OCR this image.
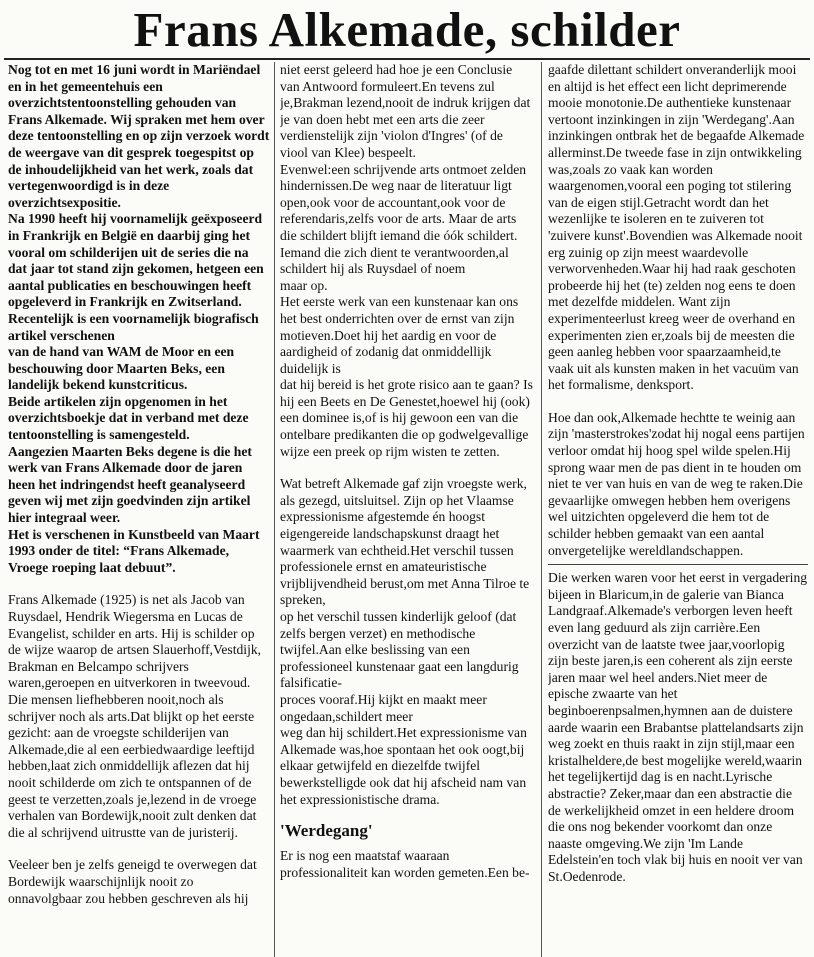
Frans Alkemade, schilder

Nog tot en met 16 juni wordt in Mariëndael en in het gemeentehuis een overzichtstentoonstelling gehouden van Frans Alkemade. Wij spraken met hem over deze tentoonstelling en op zijn verzoek wordt de weergave van dit gesprek toegespitst op de inhoudelijkheid van het werk, zoals dat vertegenwoordigd is in deze overzichtsexpositie.

Na 1990 heeft hij voornamelijk geëxposeerd in Frankrijk en België en daarbij ging het vooral om schilderijen uit de series die na dat jaar tot stand zijn gekomen, hetgeen een aantal publicaties en beschouwingen heeft opgeleverd in Frankrijk en Zwitserland.

Recentelijk is een voornamelijk biografisch artikel verschenen

van de hand van WAM de Moor en een beschouwing door Maarten Beks, een landelijk bekend kunstcriticus.

Beide artikelen zijn opgenomen in het overzichtsboekje dat in verband met deze tentoonstelling is samengesteld.

Aangezien Maarten Beks degene is die het werk van Frans Alkemade door de jaren heen het indringendst heeft geanalyseerd geven wij met zijn goedvinden zijn artikel hier integraal weer.

Het is verschenen in Kunstbeeld van Maart 1993 onder de titel: “Frans Alkemade, Vroege roeping laat debuut”.

Frans Alkemade (1925) is net als Jacob van Ruysdael, Hendrik Wiegersma en Lucas de Evangelist, schilder en arts. Hij is schilder op de wijze waarop de artsen Slauerhoff,Vestdijk, Brakman en Belcampo schrijvers waren,geroepen en uitverkoren in tweevoud. Die mensen liefhebberen nooit,noch als schrijver noch als arts.Dat blijkt op het eerste gezicht: aan de vroegste schilderijen van Alkemade,die al een eerbiedwaardige leeftijd hebben,laat zich onmiddellijk aflezen dat hij nooit schilderde om zich te ontspannen of de geest te verzetten,zoals je,lezend in de vroege verhalen van Bordewijk,nooit zult denken dat die al schrijvend uitrustte van de juristerij.

Veeleer ben je zelfs geneigd te overwegen dat Bordewijk waarschijnlijk nooit zo onnavolgbaar zou hebben geschreven als hij

niet eerst geleerd had hoe je een Conclusie van Antwoord formuleert.En tevens zul je,Brakman lezend,nooit de indruk krijgen dat je van doen hebt met een arts die zeer verdienstelijk zijn 'violon d'Ingres' (of de viool van Klee) bespeelt.

Evenwel:een schrijvende arts ontmoet zelden hindernissen.De weg naar de literatuur ligt open,ook voor de accountant,ook voor de referendaris,zelfs voor de arts. Maar de arts die schildert blijft iemand die óók schildert. Iemand die zich dient te verantwoorden,al schildert hij als Ruysdael of noem

maar op.

Het eerste werk van een kunstenaar kan ons het best onderrichten over de ernst van zijn motieven.Doet hij het aardig en voor de aardigheid of zodanig dat onmiddellijk duidelijk is

dat hij bereid is het grote risico aan te gaan? Is hij een Beets en De Genestet,hoewel hij (ook) een dominee is,of is hij gewoon een van die ontelbare predikanten die op godwelgevallige wijze een preek op rijm wisten te zetten.

Wat betreft Alkemade gaf zijn vroegste werk, als gezegd, uitsluitsel. Zijn op het Vlaamse expressionisme afgestemde én hoogst eigengereide landschapskunst draagt het waarmerk van echtheid.Het verschil tussen professionele ernst en amateuristische vrijblijvendheid berust,om met Anna Tilroe te spreken,

op het verschil tussen kinderlijk geloof (dat zelfs bergen verzet) en methodische twijfel.Aan elke beslissing van een professioneel kunstenaar gaat een langdurig falsificatie-

proces vooraf.Hij kijkt en maakt meer ongedaan,schildert meer

weg dan hij schildert.Het expressionisme van Alkemade was,hoe spontaan het ook oogt,bij elkaar getwijfeld en diezelfde twijfel bewerkstelligde ook dat hij afscheid nam van het expressionistische drama.

'Werdegang'

Er is nog een maatstaf waaraan professionaliteit kan worden gemeten.Een be-

gaafde dilettant schildert onveranderlijk mooi en altijd is het effect een licht deprimerende mooie monotonie.De authentieke kunstenaar vertoont inzinkingen in zijn 'Werdegang'.Aan inzinkingen ontbrak het de begaafde Alkemade allerminst.De tweede fase in zijn ontwikkeling was,zoals zo vaak kan worden waargenomen,vooral een poging tot stilering van de eigen stijl.Getracht wordt dan het wezenlijke te isoleren en te zuiveren tot 'zuivere kunst'.Bovendien was Alkemade nooit erg zuinig op zijn meest waardevolle verworvenheden.Waar hij had raak geschoten probeerde hij het (te) zelden nog eens te doen met dezelfde middelen. Want zijn experimenteerlust kreeg weer de overhand en experimenten zien er,zoals bij de meesten die geen aanleg hebben voor spaarzaamheid,te vaak uit als kunsten maken in het vacuüm van het formalisme, denksport.

Hoe dan ook,Alkemade hechtte te weinig aan zijn 'masterstrokes'zodat hij nogal eens partijen verloor omdat hij hoog spel wilde spelen.Hij sprong waar men de pas dient in te houden om niet te ver van huis en van de weg te raken.Die gevaarlijke omwegen hebben hem overigens wel uitzichten opgeleverd die hem tot de schilder hebben gemaakt van een aantal onvergetelijke wereldlandschappen.

Die werken waren voor het eerst in vergadering bijeen in Blaricum,in de galerie van Bianca Landgraaf.Alkemade's verborgen leven heeft even lang geduurd als zijn carrière.Een overzicht van de laatste twee jaar,voorlopig zijn beste jaren,is een coherent als zijn eerste jaren maar wel heel anders.Niet meer de epische zwaarte van het beginboerenpsalmen,hymnen aan de duistere aarde waarin een Brabantse plattelandsarts zijn weg zoekt en thuis raakt in zijn stijl,maar een kristalheldere,de best mogelijke wereld,waarin het tegelijkertijd dag is en nacht.Lyrische abstractie? Zeker,maar dan een abstractie die de werkelijkheid omzet in een heldere droom die ons nog bekender voorkomt dan onze naaste omgeving.We zijn 'Im Lande Edelstein'en toch vlak bij huis en nooit ver van St.Oedenrode.
